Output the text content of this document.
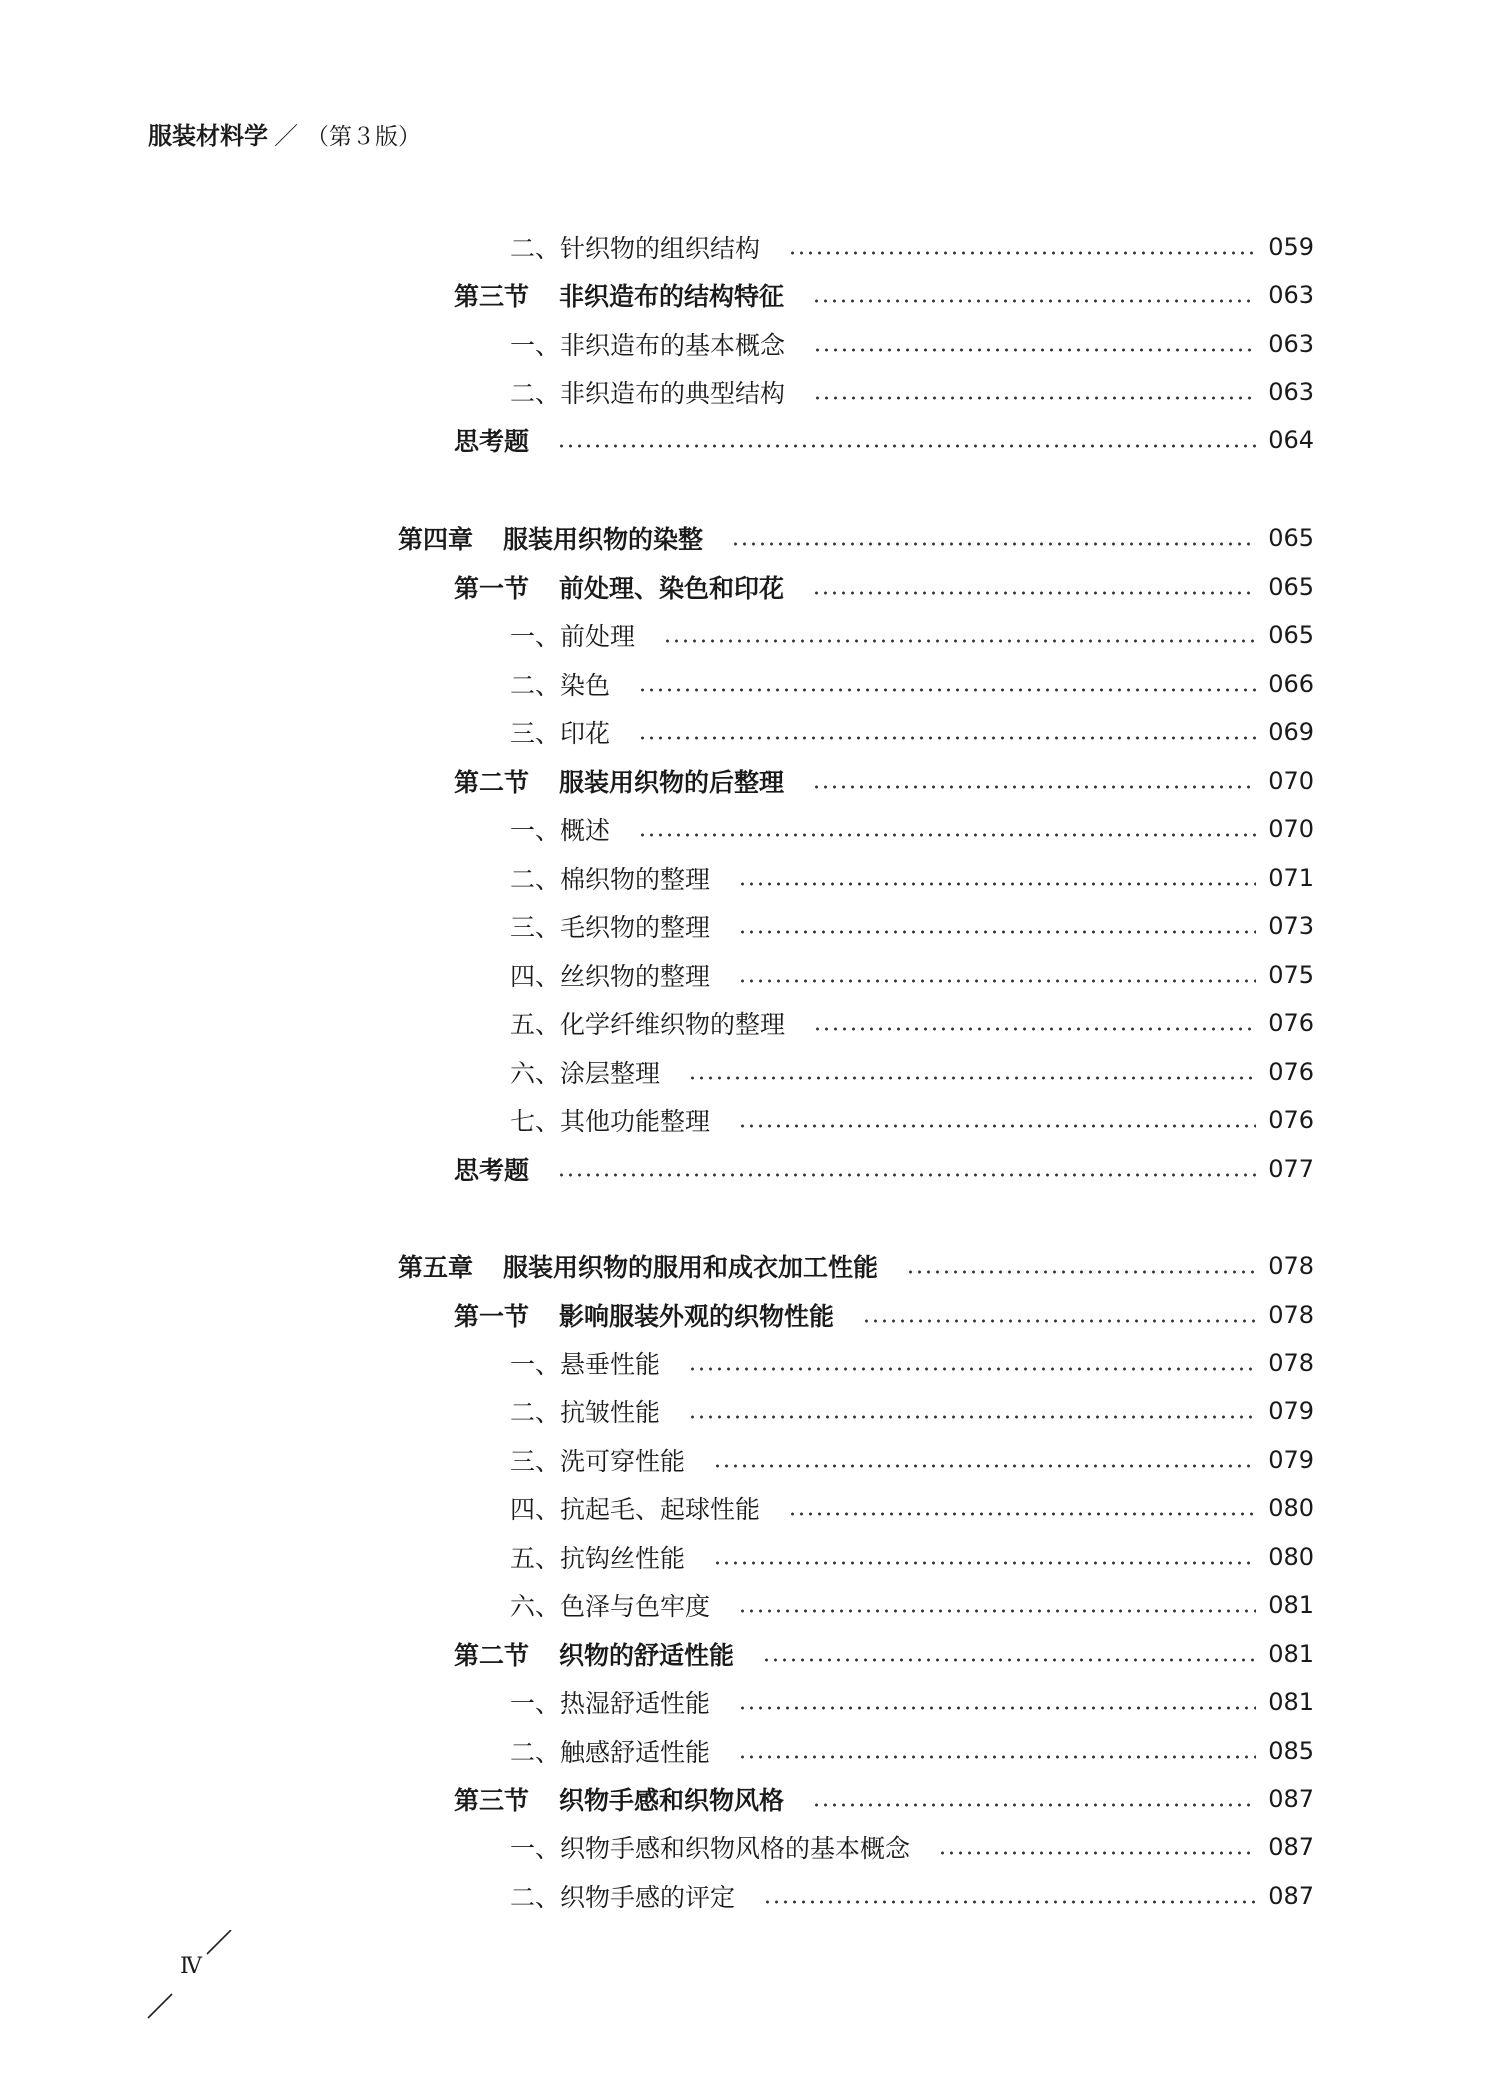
服装材料学 ／ （第３版）
二、针织物的组织结构	059
第三节 非织造布的结构特征	063
一、非织造布的基本概念	063
二、非织造布的典型结构	063
思考题	064
第四章 服装用织物的染整	065
第一节 前处理、染色和印花	065
一、前处理	065
二、染色	066
三、印花	069
第二节 服装用织物的后整理	070
一、概述	070
二、棉织物的整理	071
三、毛织物的整理	073
四、丝织物的整理	075
五、化学纤维织物的整理	076
六、涂层整理	076
七、其他功能整理	076
思考题	077
第五章 服装用织物的服用和成衣加工性能	078
第一节 影响服装外观的织物性能	078
一、悬垂性能	078
二、抗皱性能	079
三、洗可穿性能	079
四、抗起毛、起球性能	080
五、抗钩丝性能	080
六、色泽与色牢度	081
第二节 织物的舒适性能	081
一、热湿舒适性能	081
二、触感舒适性能	085
第三节 织物手感和织物风格	087
一、织物手感和织物风格的基本概念	087
二、织物手感的评定	087
Ⅳ
